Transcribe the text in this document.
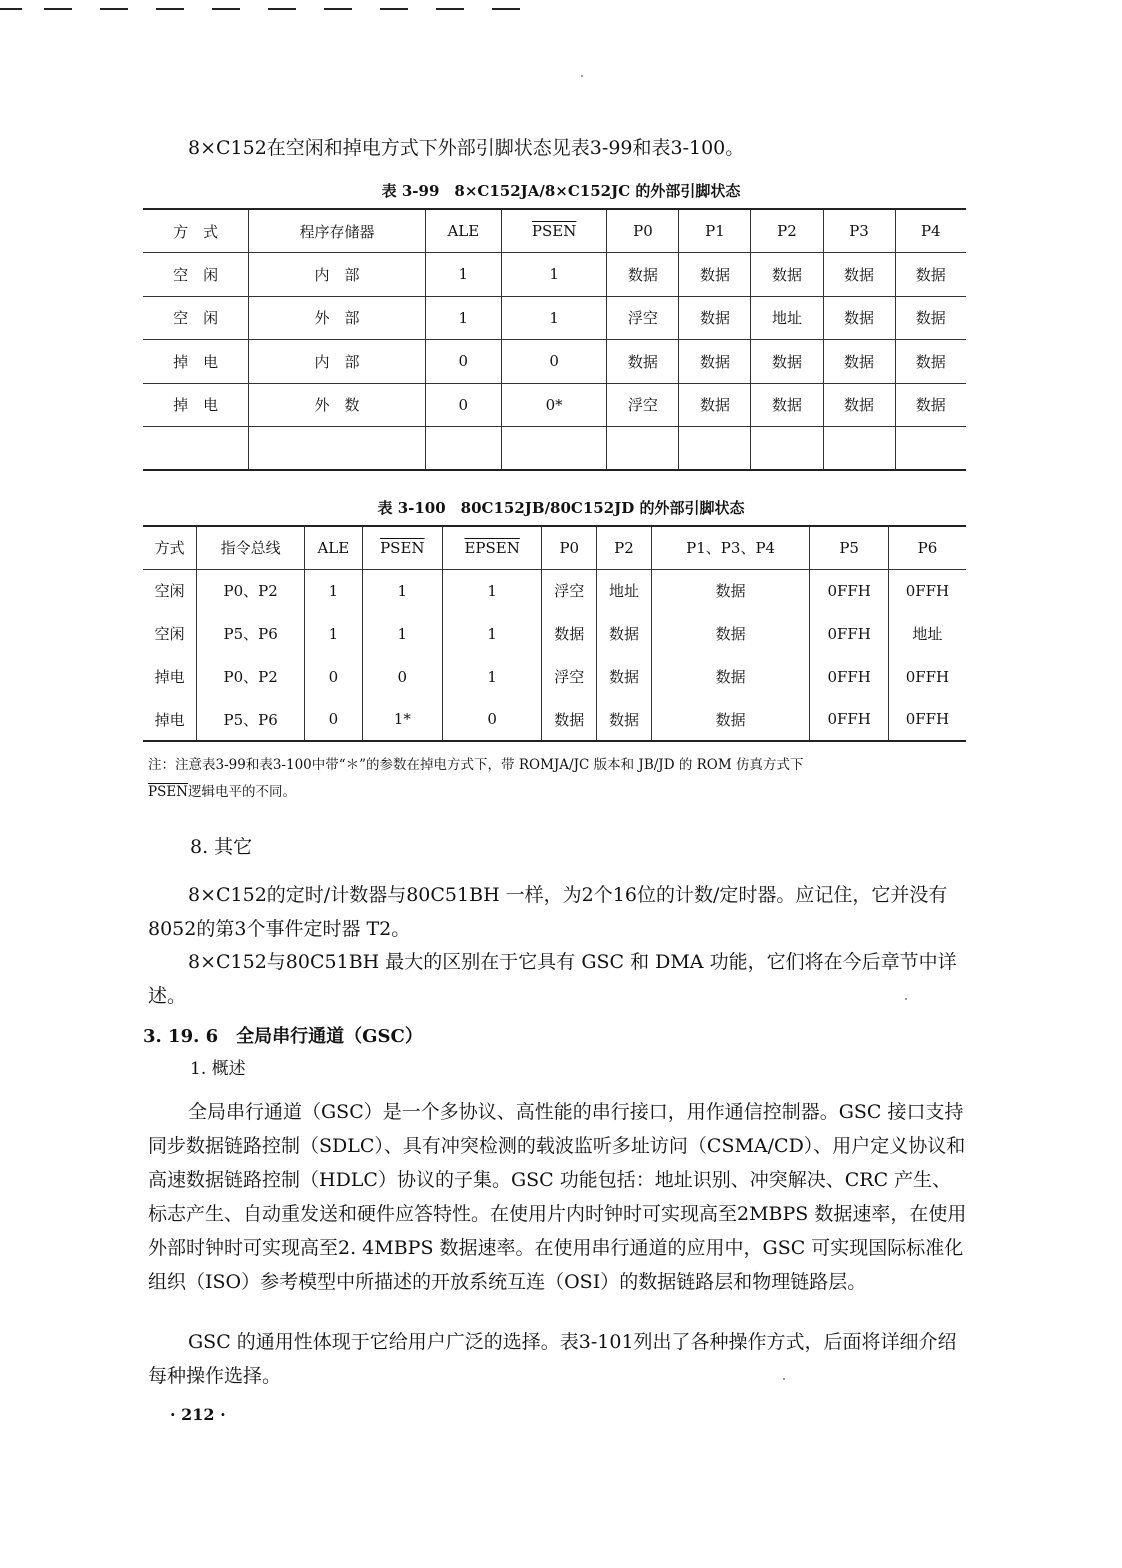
8×C152在空闲和掉电方式下外部引脚状态见表3-99和表3-100。

表 3-99　8×C152JA/8×C152JC 的外部引脚状态
方　式	程序存储器	ALE	PSEN	P0	P1	P2	P3	P4
空　闲	内　部	1	1	数据	数据	数据	数据	数据
空　闲	外　部	1	1	浮空	数据	地址	数据	数据
掉　电	内　部	0	0	数据	数据	数据	数据	数据
掉　电	外　数	0	0*	浮空	数据	数据	数据	数据

表 3-100　80C152JB/80C152JD 的外部引脚状态
方式	指令总线	ALE	PSEN	EPSEN	P0	P2	P1、P3、P4	P5	P6
空闲	P0、P2	1	1	1	浮空	地址	数据	0FFH	0FFH
空闲	P5、P6	1	1	1	数据	数据	数据	0FFH	地址
掉电	P0、P2	0	0	1	浮空	数据	数据	0FFH	0FFH
掉电	P5、P6	0	1*	0	数据	数据	数据	0FFH	0FFH
注：注意表3-99和表3-100中带“＊”的参数在掉电方式下，带 ROMJA/JC 版本和 JB/JD 的 ROM 仿真方式下
PSEN逻辑电平的不同。
8. 其它

8×C152的定时/计数器与80C51BH 一样，为2个16位的计数/定时器。应记住，它并没有8052的第3个事件定时器 T2。

8×C152与80C51BH 最大的区别在于它具有 GSC 和 DMA 功能，它们将在今后章节中详述。

3. 19. 6　全局串行通道（GSC）
1. 概述

全局串行通道（GSC）是一个多协议、高性能的串行接口，用作通信控制器。GSC 接口支持同步数据链路控制（SDLC）、具有冲突检测的载波监听多址访问（CSMA/CD）、用户定义协议和高速数据链路控制（HDLC）协议的子集。GSC 功能包括：地址识别、冲突解决、CRC 产生、标志产生、自动重发送和硬件应答特性。在使用片内时钟时可实现高至2MBPS 数据速率，在使用外部时钟时可实现高至2. 4MBPS 数据速率。在使用串行通道的应用中，GSC 可实现国际标准化组织（ISO）参考模型中所描述的开放系统互连（OSI）的数据链路层和物理链路层。

GSC 的通用性体现于它给用户广泛的选择。表3-101列出了各种操作方式，后面将详细介绍每种操作选择。

· 212 ·
